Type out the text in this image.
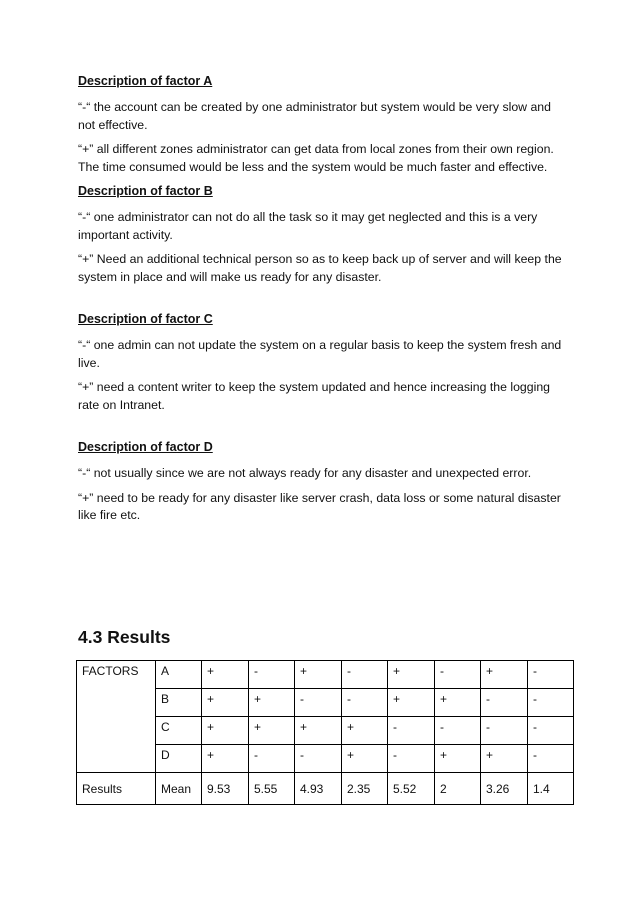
Description of factor A

“-“ the account can be created by one administrator but system would be very slow and not effective.

“+” all different zones administrator can get data from local zones from their own region. The time consumed would be less and the system would be much faster and effective.

Description of factor B

“-“ one administrator can not do all the task so it may get neglected and this is a very important activity.

“+” Need an additional technical person so as to keep back up of server and will keep the system in place and will make us ready for any disaster.

Description of factor C

“-“ one admin can not update the system on a regular basis to keep the system fresh and live.

“+” need a content writer to keep the system updated and hence increasing the logging rate on Intranet.

Description of factor D

“-“ not usually since we are not always ready for any disaster and unexpected error.

“+” need to be ready for any disaster like server crash, data loss or some natural disaster like fire etc.

4.3 Results

FACTORS	A	+	-	+	-	+	-	+	-
	B	+	+	-	-	+	+	-	-
	C	+	+	+	+	-	-	-	-
	D	+	-	-	+	-	+	+	-
Results	Mean	9.53	5.55	4.93	2.35	5.52	2	3.26	1.4
